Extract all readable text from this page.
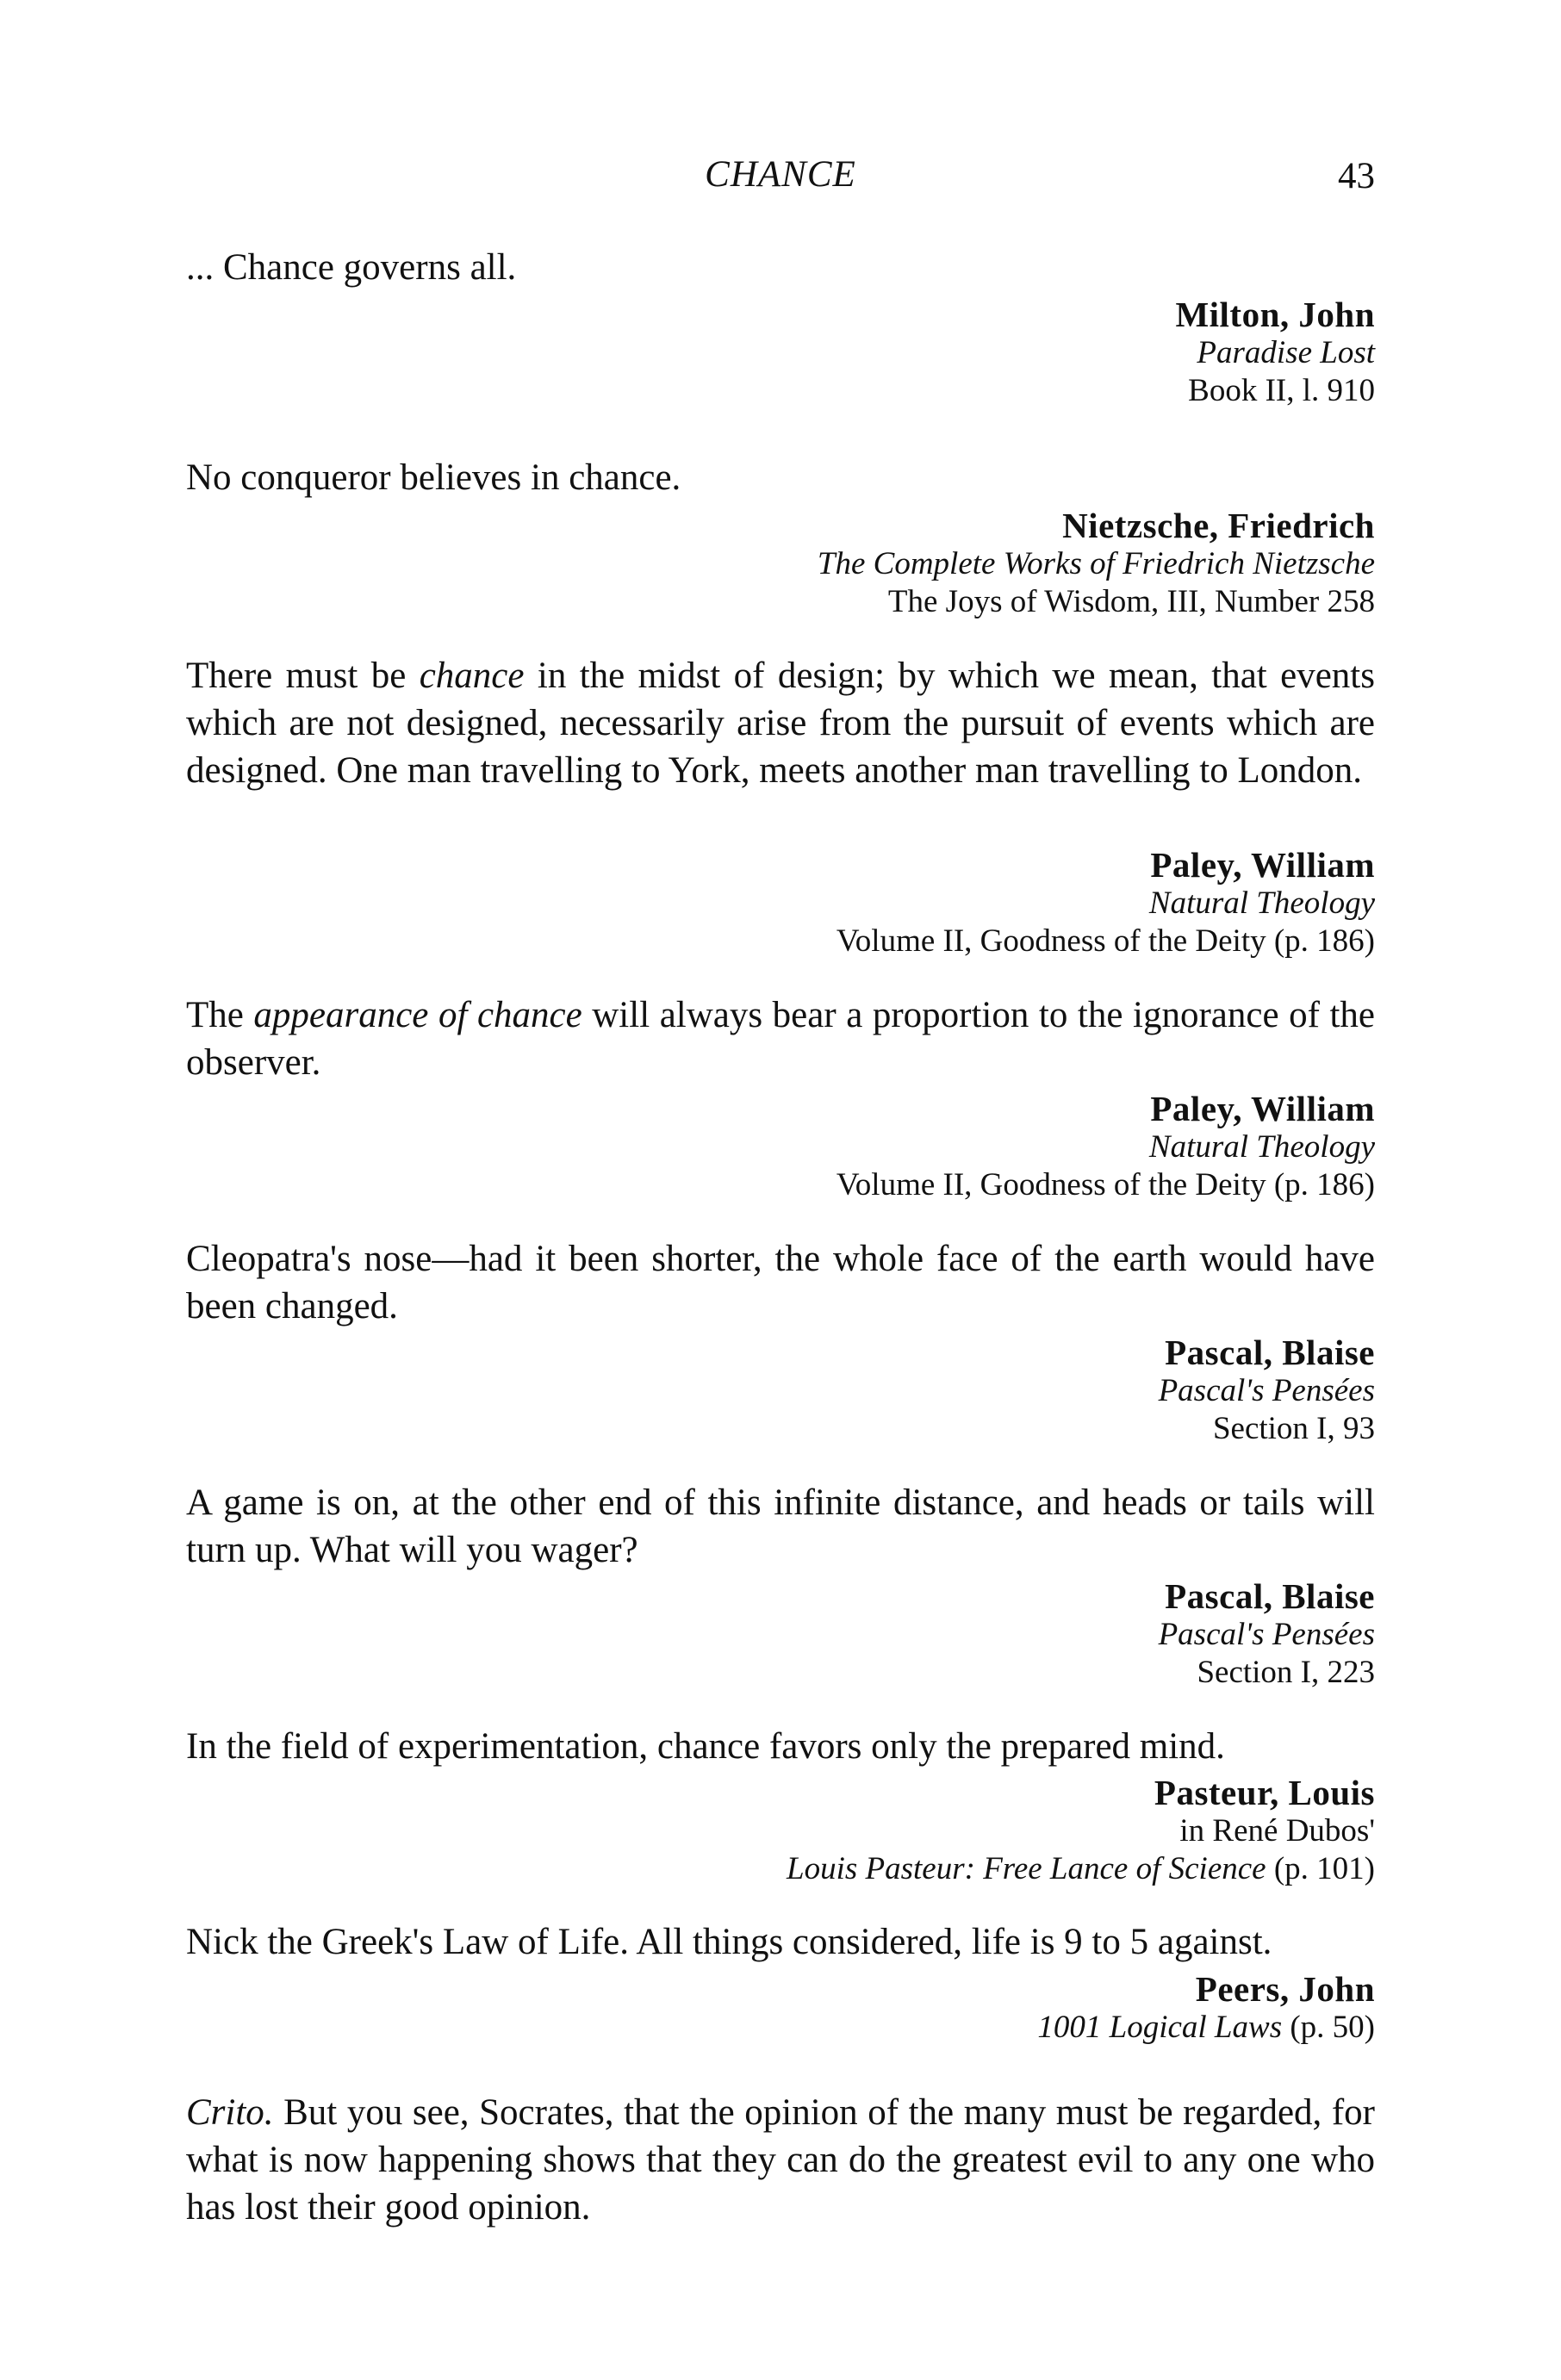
CHANCE	43
... Chance governs all.
Milton, John
Paradise Lost
Book II, l. 910
No conqueror believes in chance.
Nietzsche, Friedrich
The Complete Works of Friedrich Nietzsche
The Joys of Wisdom, III, Number 258
There must be chance in the midst of design; by which we mean, that events which are not designed, necessarily arise from the pursuit of events which are designed. One man travelling to York, meets another man travelling to London.
Paley, William
Natural Theology
Volume II, Goodness of the Deity (p. 186)
The appearance of chance will always bear a proportion to the ignorance of the observer.
Paley, William
Natural Theology
Volume II, Goodness of the Deity (p. 186)
Cleopatra's nose—had it been shorter, the whole face of the earth would have been changed.
Pascal, Blaise
Pascal's Pensées
Section I, 93
A game is on, at the other end of this infinite distance, and heads or tails will turn up. What will you wager?
Pascal, Blaise
Pascal's Pensées
Section I, 223
In the field of experimentation, chance favors only the prepared mind.
Pasteur, Louis
in René Dubos'
Louis Pasteur: Free Lance of Science (p. 101)
Nick the Greek's Law of Life. All things considered, life is 9 to 5 against.
Peers, John
1001 Logical Laws (p. 50)
Crito. But you see, Socrates, that the opinion of the many must be regarded, for what is now happening shows that they can do the greatest evil to any one who has lost their good opinion.
